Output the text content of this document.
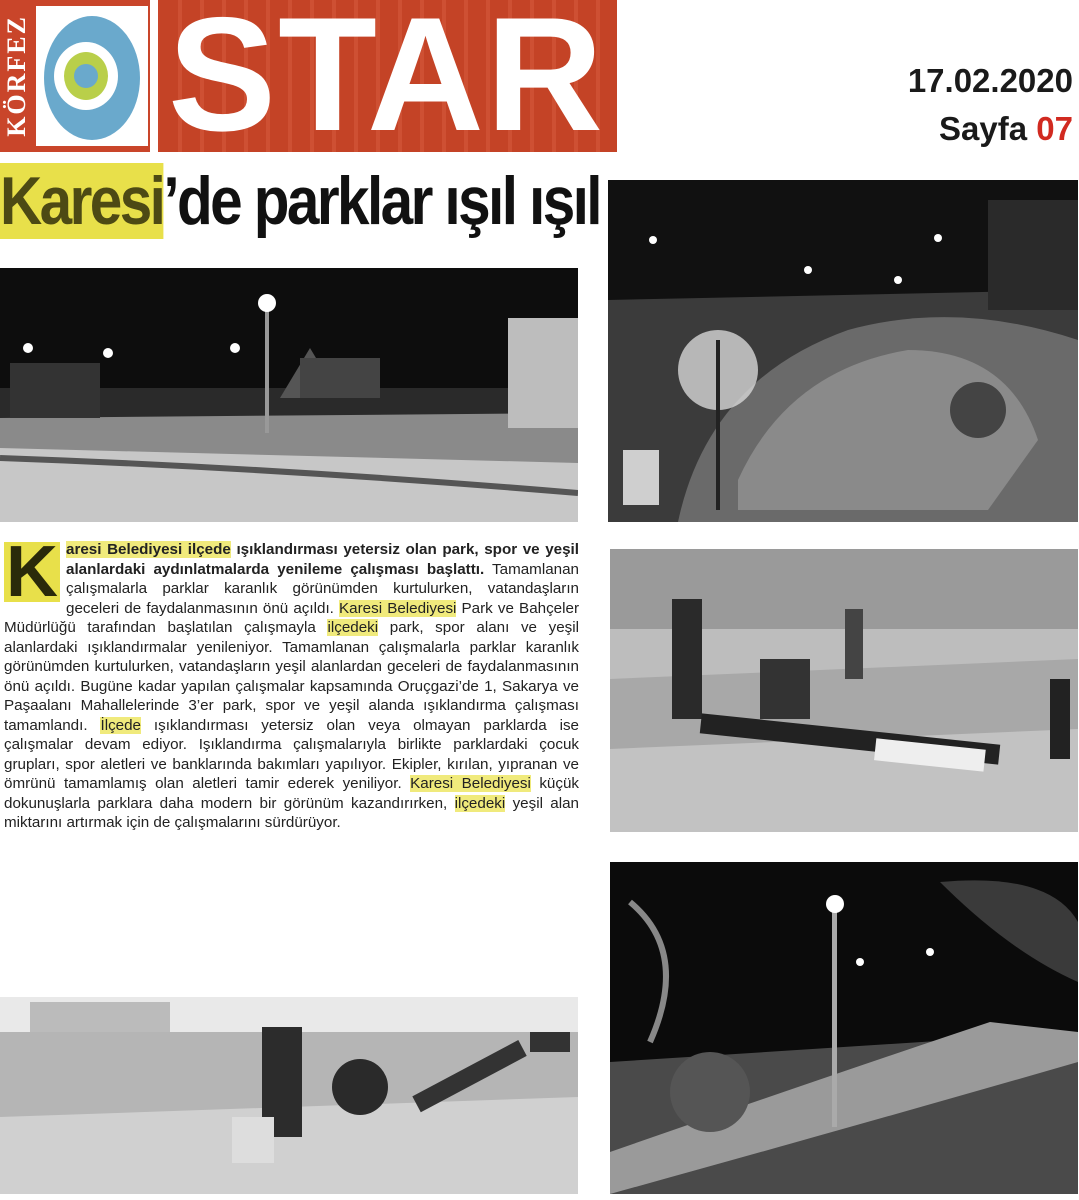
KÖRFEZ STAR	17.02.2020
Sayfa 07
Karesi’de parklar ışıl ışıl
K aresi Belediyesi ilçede ışıklandırması yetersiz olan park, spor ve yeşil alanlardaki aydınlatmalarda yenileme çalışması başlattı. Tamamlanan çalışmalarla parklar karanlık görünümden kurtulurken, vatandaşların geceleri de faydalanmasının önü açıldı. Karesi Belediyesi Park ve Bahçeler Müdürlüğü tarafından başlatılan çalışmayla ilçedeki park, spor alanı ve yeşil alanlardaki ışıklandırmalar yenileniyor. Tamamlanan çalışmalarla parklar karanlık görünümden kurtulurken, vatandaşların yeşil alanlardan geceleri de faydalanmasının önü açıldı. Bugüne kadar yapılan çalışmalar kapsamında Oruçgazi’de 1, Sakarya ve Paşaalanı Mahallelerinde 3’er park, spor ve yeşil alanda ışıklandırma çalışması tamamlandı. İlçede ışıklandırması yetersiz olan veya olmayan parklarda ise çalışmalar devam ediyor. Işıklandırma çalışmalarıyla birlikte parklardaki çocuk grupları, spor aletleri ve banklarında bakımları yapılıyor. Ekipler, kırılan, yıpranan ve ömrünü tamamlamış olan aletleri tamir ederek yeniliyor. Karesi Belediyesi küçük dokunuşlarla parklara daha modern bir görünüm kazandırırken, ilçedeki yeşil alan miktarını artırmak için de çalışmalarını sürdürüyor.
